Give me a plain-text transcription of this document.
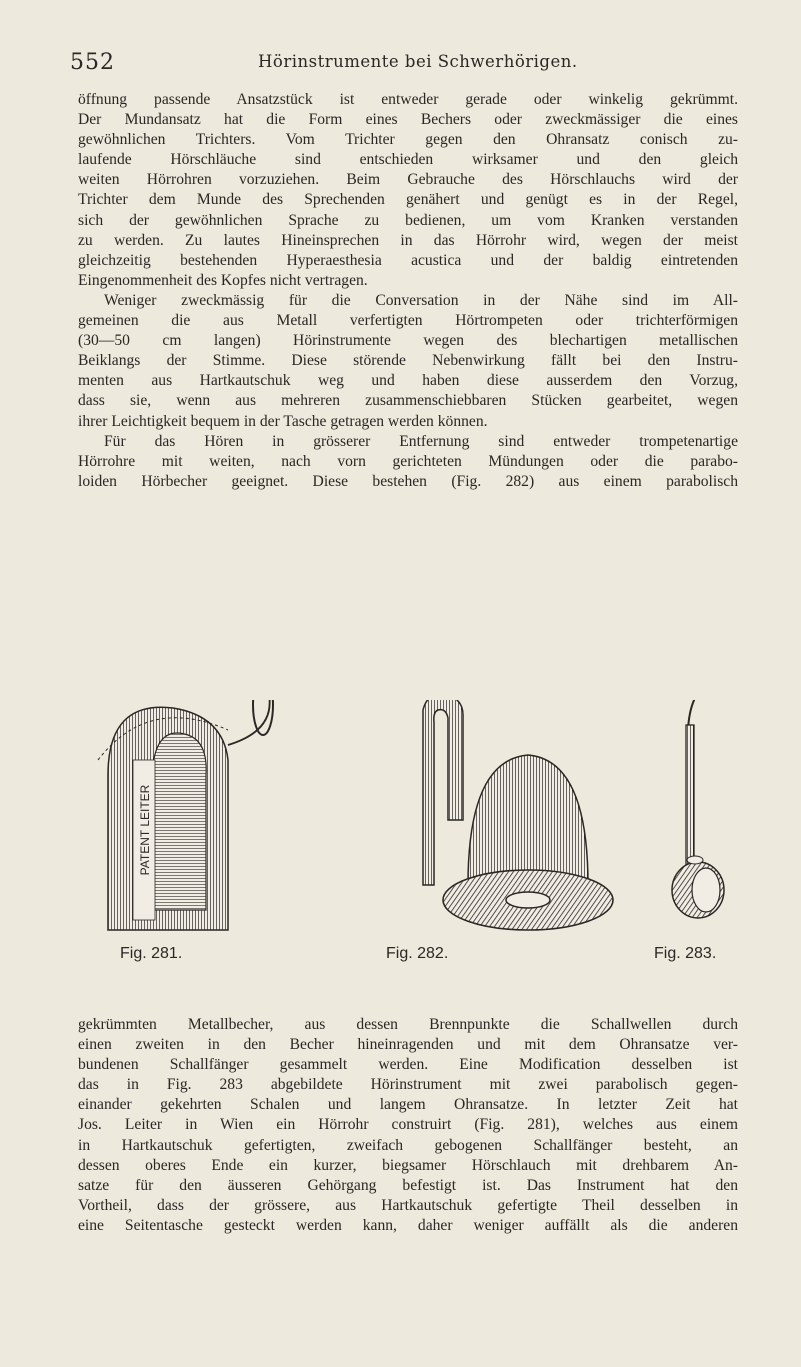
552	Hörinstrumente bei Schwerhörigen.
öffnung passende Ansatzstück ist entweder gerade oder winkelig gekrümmt.
Der Mundansatz hat die Form eines Bechers oder zweckmässiger die eines
gewöhnlichen Trichters. Vom Trichter gegen den Ohransatz conisch zu-
laufende Hörschläuche sind entschieden wirksamer und den gleich
weiten Hörrohren vorzuziehen. Beim Gebrauche des Hörschlauchs wird der
Trichter dem Munde des Sprechenden genähert und genügt es in der Regel,
sich der gewöhnlichen Sprache zu bedienen, um vom Kranken verstanden
zu werden. Zu lautes Hineinsprechen in das Hörrohr wird, wegen der meist
gleichzeitig bestehenden Hyperaesthesia acustica und der baldig eintretenden
Eingenommenheit des Kopfes nicht vertragen.
Weniger zweckmässig für die Conversation in der Nähe sind im All-
gemeinen die aus Metall verfertigten Hörtrompeten oder trichterförmigen
(30—50 cm langen) Hörinstrumente wegen des blechartigen metallischen
Beiklangs der Stimme. Diese störende Nebenwirkung fällt bei den Instru-
menten aus Hartkautschuk weg und haben diese ausserdem den Vorzug,
dass sie, wenn aus mehreren zusammenschiebbaren Stücken gearbeitet, wegen
ihrer Leichtigkeit bequem in der Tasche getragen werden können.
Für das Hören in grösserer Entfernung sind entweder trompetenartige
Hörrohre mit weiten, nach vorn gerichteten Mündungen oder die parabo-
loiden Hörbecher geeignet. Diese bestehen (Fig. 282) aus einem parabolisch
PATENT LEITER
Fig. 281.	Fig. 282.	Fig. 283.
gekrümmten Metallbecher, aus dessen Brennpunkte die Schallwellen durch
einen zweiten in den Becher hineinragenden und mit dem Ohransatze ver-
bundenen Schallfänger gesammelt werden. Eine Modification desselben ist
das in Fig. 283 abgebildete Hörinstrument mit zwei parabolisch gegen-
einander gekehrten Schalen und langem Ohransatze. In letzter Zeit hat
Jos. Leiter in Wien ein Hörrohr construirt (Fig. 281), welches aus einem
in Hartkautschuk gefertigten, zweifach gebogenen Schallfänger besteht, an
dessen oberes Ende ein kurzer, biegsamer Hörschlauch mit drehbarem An-
satze für den äusseren Gehörgang befestigt ist. Das Instrument hat den
Vortheil, dass der grössere, aus Hartkautschuk gefertigte Theil desselben in
eine Seitentasche gesteckt werden kann, daher weniger auffällt als die anderen
